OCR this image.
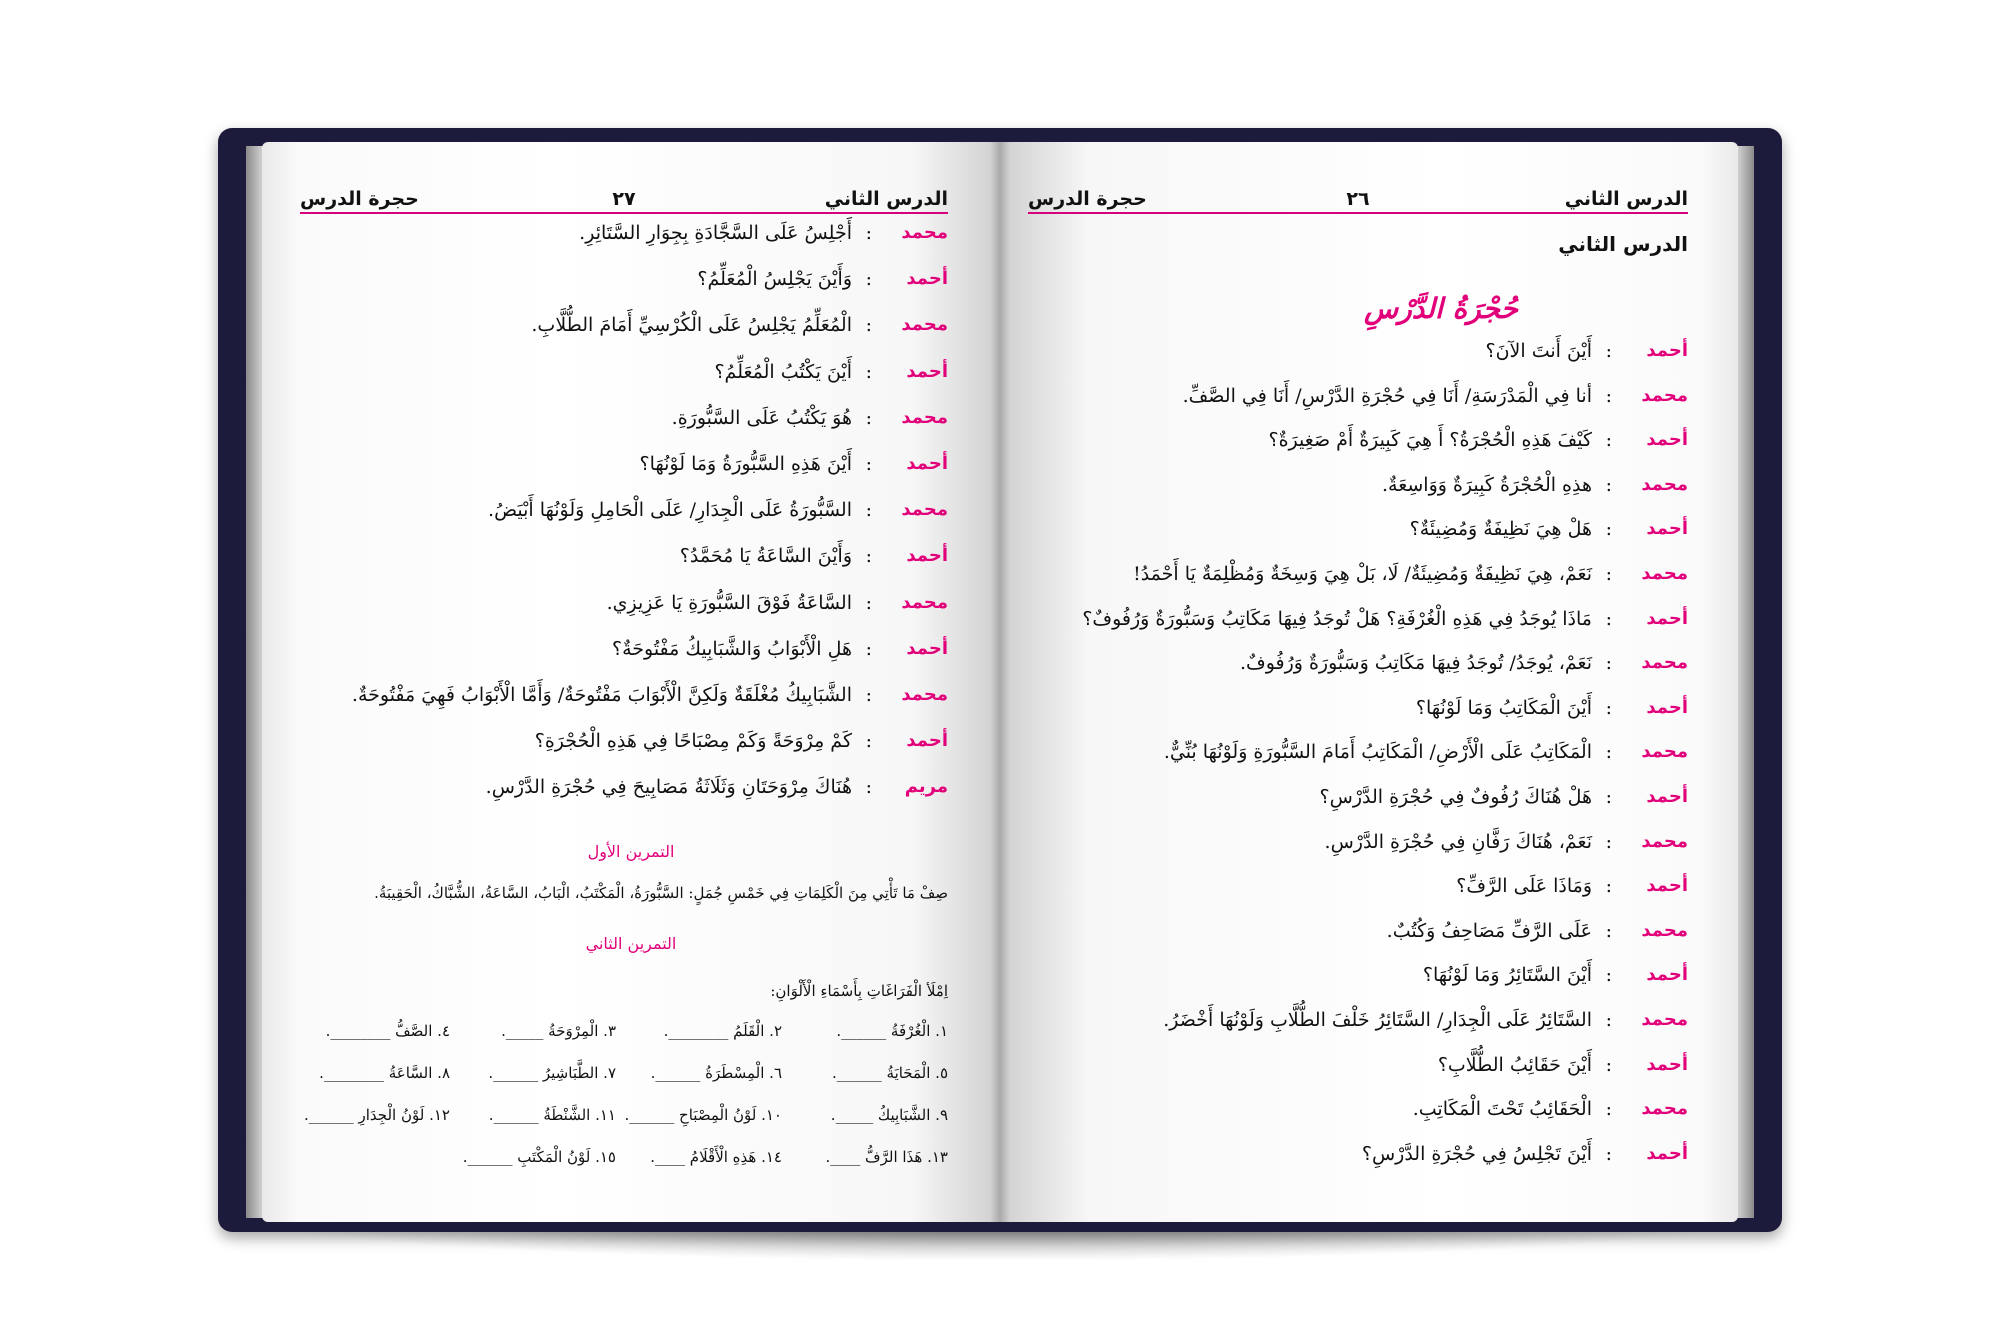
الدرس الثاني
٢٧
حجرة الدرس
محمد
:
أَجْلِسُ عَلَى السَّجَّادَةِ بِجِوَارِ السَّتَائِرِ.
أحمد
:
وَأَيْنَ يَجْلِسُ الْمُعَلِّمُ؟
محمد
:
الْمُعَلِّمُ يَجْلِسُ عَلَى الْكُرْسِيِّ أَمَامَ الطُّلَّابِ.
أحمد
:
أَيْنَ يَكْتُبُ الْمُعَلِّمُ؟
محمد
:
هُوَ يَكْتُبُ عَلَى السَّبُّورَةِ.
أحمد
:
أَيْنَ هَذِهِ السَّبُّورَةُ وَمَا لَوْنُهَا؟
محمد
:
السَّبُّورَةُ عَلَى الْجِدَارِ/ عَلَى الْحَامِلِ وَلَوْنُهَا أَبْيَضُ.
أحمد
:
وَأَيْنَ السَّاعَةُ يَا مُحَمَّدُ؟
محمد
:
السَّاعَةُ فَوْقَ السَّبُّورَةِ يَا عَزِيزِي.
أحمد
:
هَلِ الْأَبْوَابُ وَالشَّبَابِيكُ مَفْتُوحَةٌ؟
محمد
:
الشَّبَابِيكُ مُغْلَقَةٌ وَلَكِنَّ الْأَبْوَابَ مَفْتُوحَةٌ/ وَأَمَّا الْأَبْوَابُ فَهِيَ مَفْتُوحَةٌ.
أحمد
:
كَمْ مِرْوَحَةً وَكَمْ مِصْبَاحًا فِي هَذِهِ الْحُجْرَةِ؟
مريم
:
هُنَاكَ مِرْوَحَتَانِ وَثَلَاثَةُ مَصَابِيحَ فِي حُجْرَةِ الدَّرْسِ.
التمرين الأول
صِفْ مَا تَأْتِي مِنَ الْكَلِمَاتِ فِي خَمْسِ جُمَلٍ: السَّبُّورَةُ، الْمَكْتَبُ، الْبَابُ، السَّاعَةُ، الشُّبَّاكُ، الْحَقِيبَةُ.
التمرين الثاني
اِمْلَأ الْفَرَاغَاتِ بِأَسْمَاءِ الْأَلْوَانِ:
١. الْغُرْفَةُ ______.
٢. الْقَلَمُ ________.
٣. الْمِرْوَحَةُ _____.
٤. الصَّفُّ ________.
٥. الْمَحَايَةُ ______.
٦. الْمِسْطَرَةُ ______.
٧. الطَّبَاشِيرُ ______.
٨. السَّاعَةُ ________.
٩. الشَّبَابِيكُ _____.
١٠. لَوْنُ الْمِصْبَاحِ ______.
١١. الشَّنْطَةُ ______.
١٢. لَوْنُ الْجِدَارِ ______.
١٣. هَذَا الرَّفُّ ____.
١٤. هَذِهِ الْأَقْلَامُ ____.
١٥. لَوْنُ الْمَكْتَبِ ______.
الدرس الثاني
٢٦
حجرة الدرس
الدرس الثاني
حُجْرَةُ الدَّرْسِ
أحمد
:
أَيْنَ أَنتَ الآنَ؟
محمد
:
أنا فِي الْمَدْرَسَةِ/ أَنَا فِي حُجْرَةِ الدَّرْسِ/ أَنَا فِي الصَّفِّ.
أحمد
:
كَيْفَ هَذِهِ الْحُجْرَةُ؟ أَ هِيَ كَبِيرَةٌ أَمْ صَغِيرَةٌ؟
محمد
:
هذِهِ الْحُجْرَةُ كَبِيرَةٌ وَوَاسِعَةٌ.
أحمد
:
هَلْ هِيَ نَظِيفَةٌ وَمُضِيئَةٌ؟
محمد
:
نَعَمْ، هِيَ نَظِيفَةٌ وَمُضِيئَةٌ/ لَا، بَلْ هِيَ وَسِخَةٌ وَمُظْلِمَةٌ يَا أَحْمَدُ!
أحمد
:
مَاذَا يُوجَدُ فِي هَذِهِ الْغُرْفَةِ؟ هَلْ تُوجَدُ فِيهَا مَكَاتِبُ وَسَبُّورَةٌ وَرُفُوفٌ؟
محمد
:
نَعَمْ، يُوجَدُ/ تُوجَدُ فِيهَا مَكَاتِبُ وَسَبُّورَةٌ وَرُفُوفٌ.
أحمد
:
أَيْنَ الْمَكَاتِبُ وَمَا لَوْنُهَا؟
محمد
:
الْمَكَاتِبُ عَلَى الْأَرْضِ/ الْمَكَاتِبُ أَمَامَ السَّبُّورَةِ وَلَوْنُهَا بُنِّيٌّ.
أحمد
:
هَلْ هُنَاكَ رُفُوفٌ فِي حُجْرَةِ الدَّرْسِ؟
محمد
:
نَعَمْ، هُنَاكَ رَفَّانِ فِي حُجْرَةِ الدَّرْسِ.
أحمد
:
وَمَاذَا عَلَى الرَّفِّ؟
محمد
:
عَلَى الرَّفِّ مَصَاحِفُ وَكُتُبٌ.
أحمد
:
أَيْنَ السَّتَائِرُ وَمَا لَوْنُهَا؟
محمد
:
السَّتَائِرُ عَلَى الْجِدَارِ/ السَّتَائِرُ خَلْفَ الطُّلَّابِ وَلَوْنُهَا أَخْضَرُ.
أحمد
:
أَيْنَ حَقَائِبُ الطُّلَّابِ؟
محمد
:
الْحَقَائِبُ تَحْتَ الْمَكَاتِبِ.
أحمد
:
أَيْنَ تَجْلِسُ فِي حُجْرَةِ الدَّرْسِ؟
